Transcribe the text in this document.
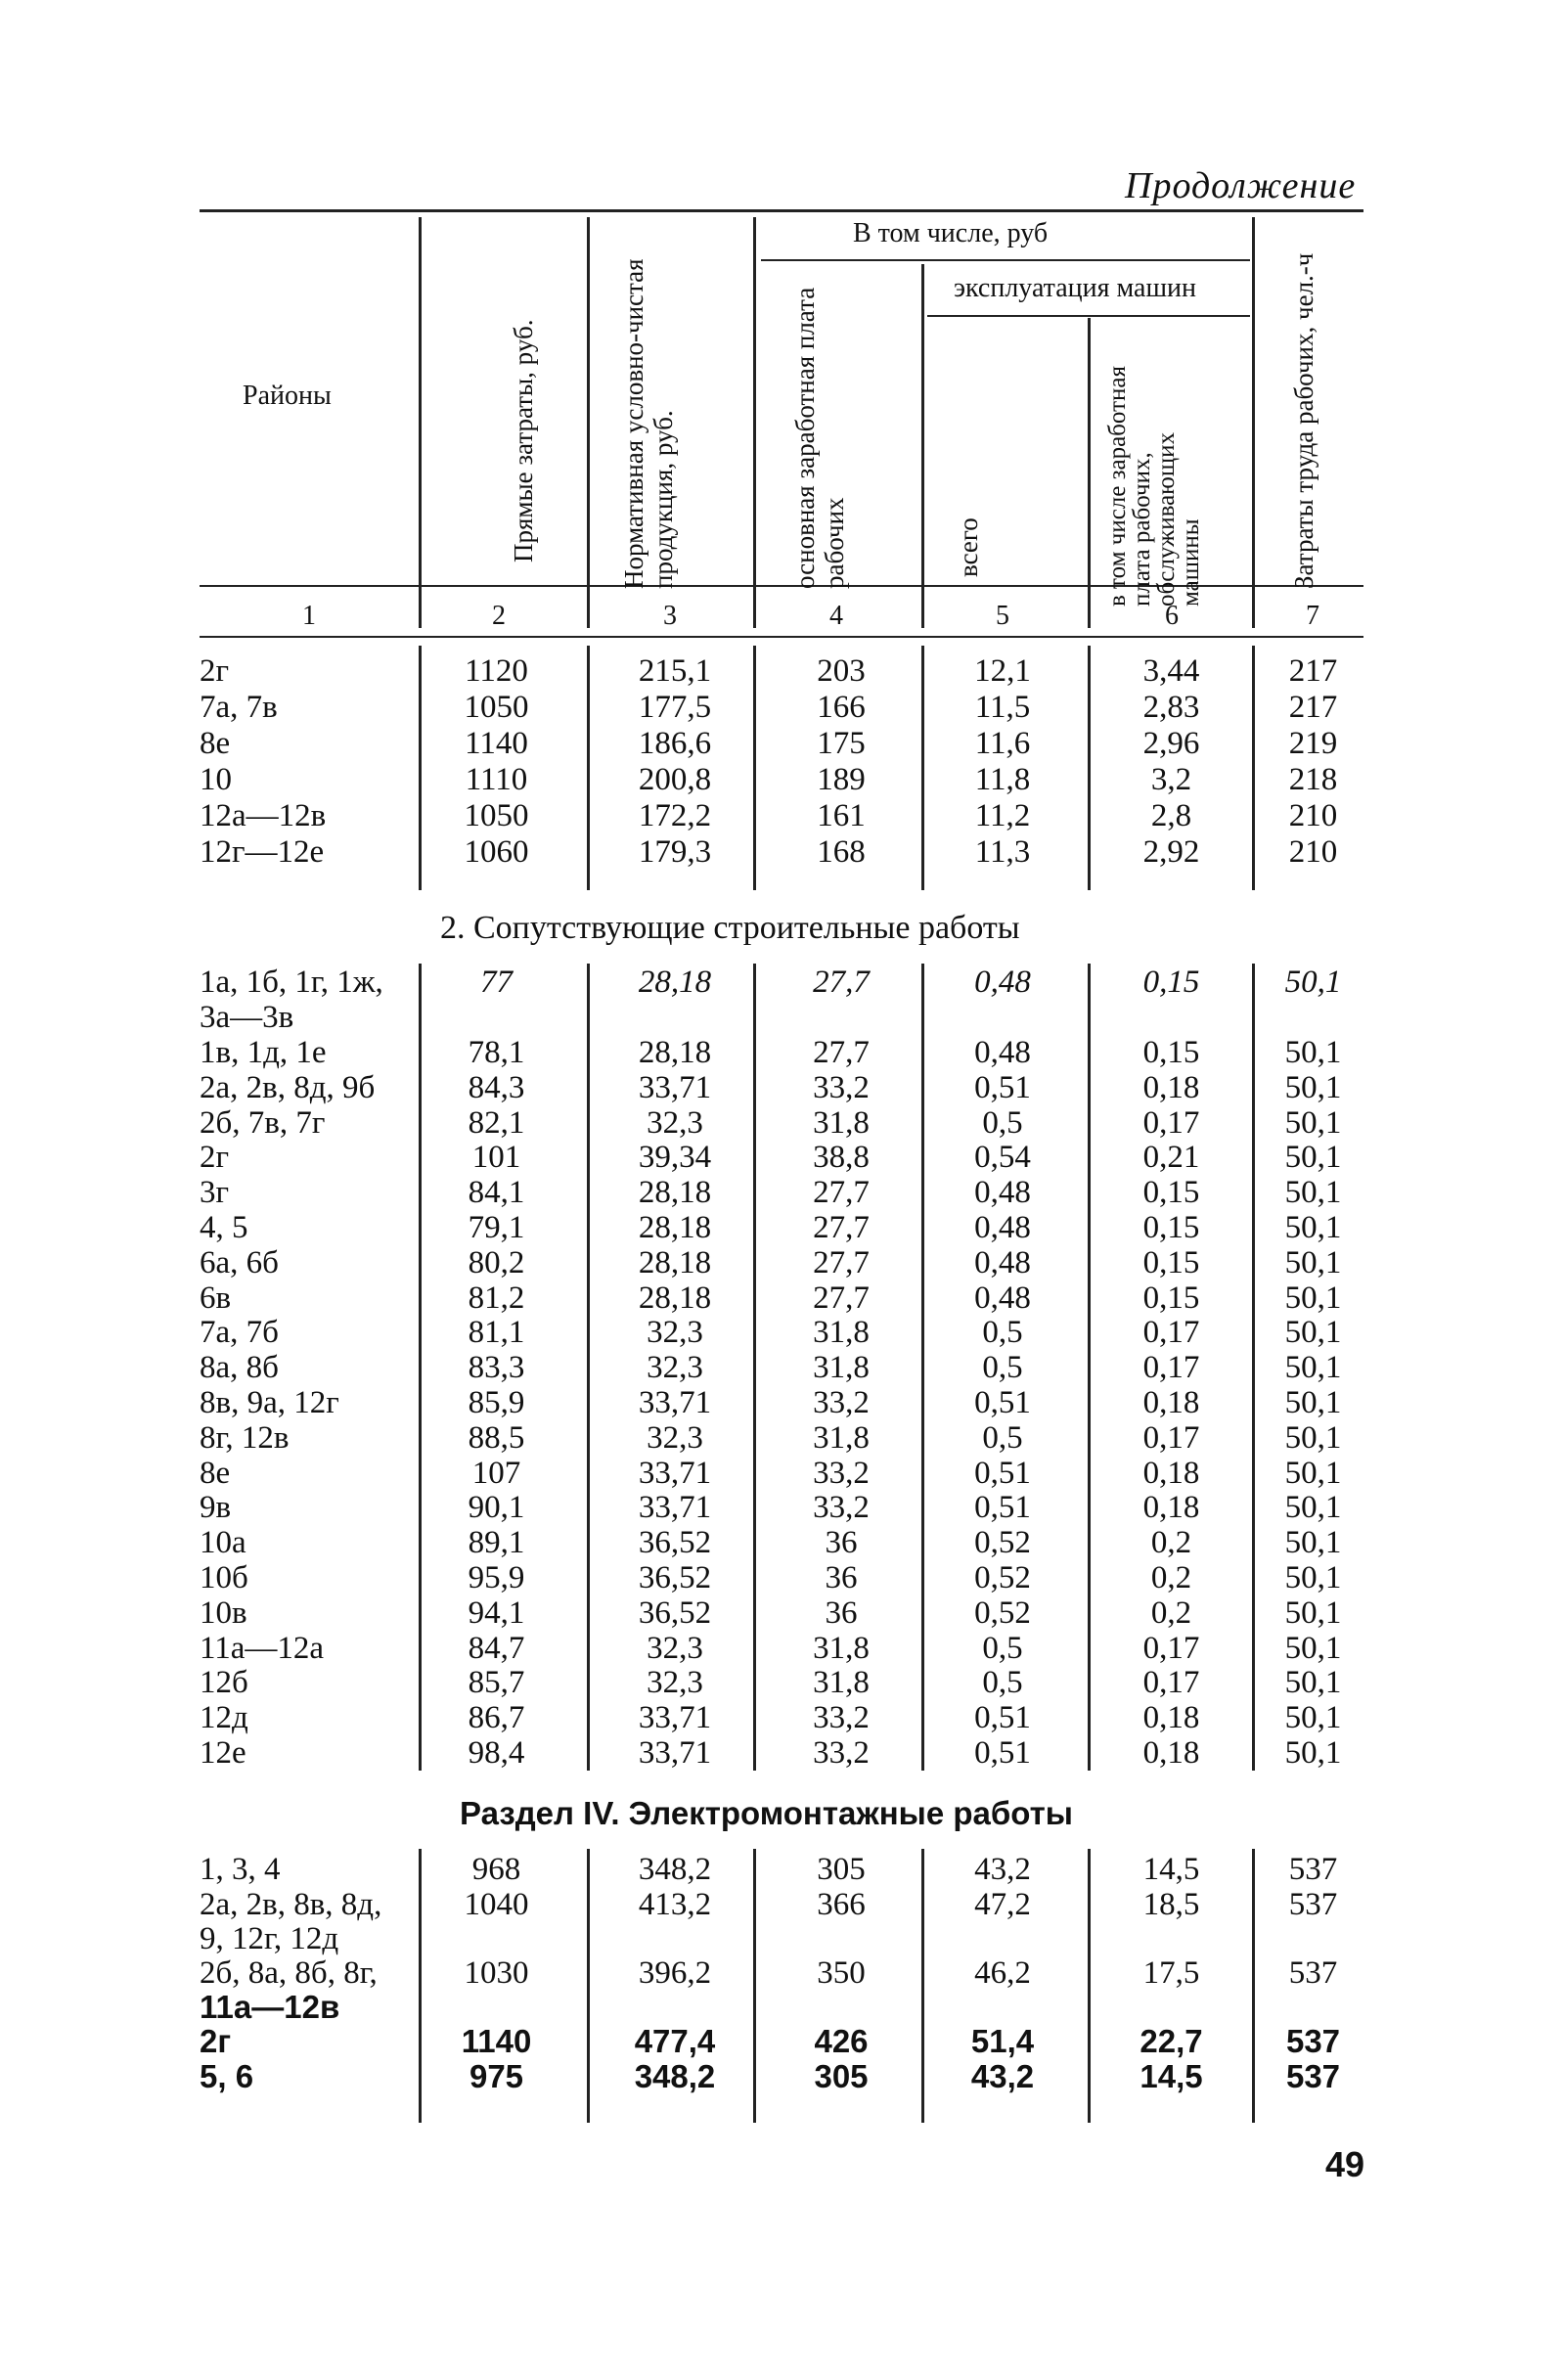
Продолжение
Районы
В том числе, руб
эксплуатация машин
Прямые затраты, руб.	Нормативная условно-чистая продукция, руб.	основная заработная плата рабочих	всего	в том числе заработная плата рабочих, обслуживающих машины	Затраты труда рабочих, чел.-ч
1	2	3	4	5	6	7
2г	1120	215,1	203	12,1	3,44	217
7а, 7в	1050	177,5	166	11,5	2,83	217
8е	1140	186,6	175	11,6	2,96	219
10	1110	200,8	189	11,8	3,2	218
12а—12в	1050	172,2	161	11,2	2,8	210
12г—12е	1060	179,3	168	11,3	2,92	210
2. Сопутствующие строительные работы
1а, 1б, 1г, 1ж,	77	28,18	27,7	0,48	0,15	50,1
3а—3в
1в, 1д, 1е	78,1	28,18	27,7	0,48	0,15	50,1
2а, 2в, 8д, 9б	84,3	33,71	33,2	0,51	0,18	50,1
2б, 7в, 7г	82,1	32,3	31,8	0,5	0,17	50,1
2г	101	39,34	38,8	0,54	0,21	50,1
3г	84,1	28,18	27,7	0,48	0,15	50,1
4, 5	79,1	28,18	27,7	0,48	0,15	50,1
6а, 6б	80,2	28,18	27,7	0,48	0,15	50,1
6в	81,2	28,18	27,7	0,48	0,15	50,1
7а, 7б	81,1	32,3	31,8	0,5	0,17	50,1
8а, 8б	83,3	32,3	31,8	0,5	0,17	50,1
8в, 9а, 12г	85,9	33,71	33,2	0,51	0,18	50,1
8г, 12в	88,5	32,3	31,8	0,5	0,17	50,1
8е	107	33,71	33,2	0,51	0,18	50,1
9в	90,1	33,71	33,2	0,51	0,18	50,1
10а	89,1	36,52	36	0,52	0,2	50,1
10б	95,9	36,52	36	0,52	0,2	50,1
10в	94,1	36,52	36	0,52	0,2	50,1
11а—12а	84,7	32,3	31,8	0,5	0,17	50,1
12б	85,7	32,3	31,8	0,5	0,17	50,1
12д	86,7	33,71	33,2	0,51	0,18	50,1
12е	98,4	33,71	33,2	0,51	0,18	50,1
Раздел IV. Электромонтажные работы
1, 3, 4	968	348,2	305	43,2	14,5	537
2а, 2в, 8в, 8д,	1040	413,2	366	47,2	18,5	537
9, 12г, 12д
2б, 8а, 8б, 8г,	1030	396,2	350	46,2	17,5	537
11а—12в
2г	1140	477,4	426	51,4	22,7	537
5, 6	975	348,2	305	43,2	14,5	537
49
